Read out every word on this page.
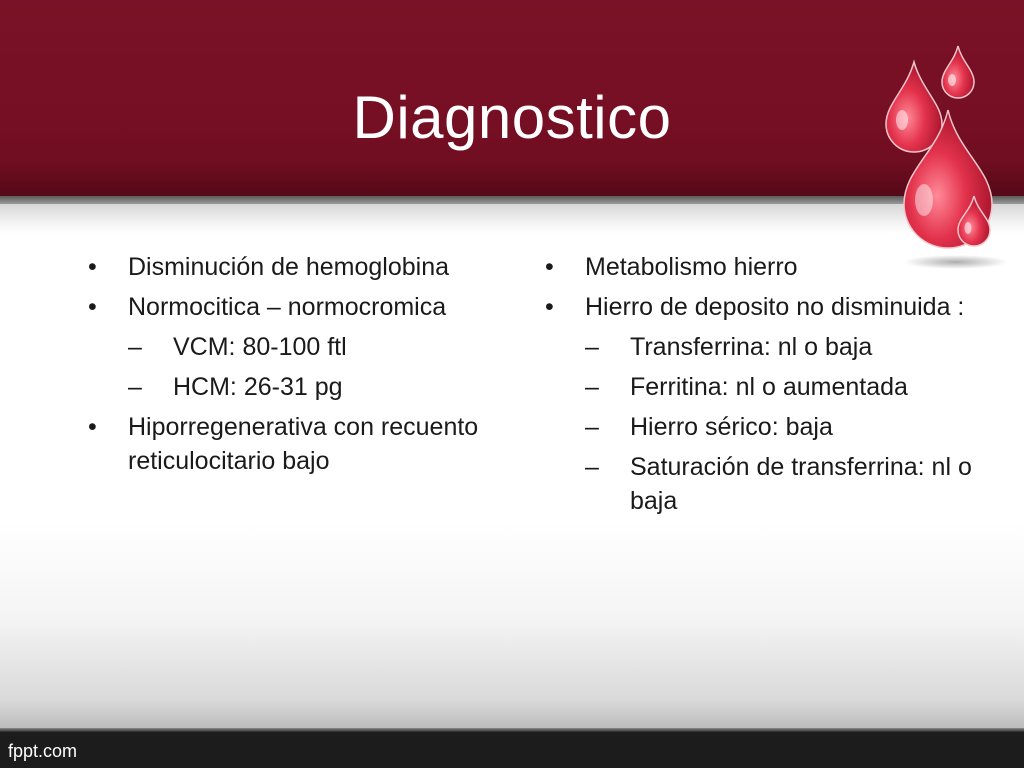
Diagnostico
• Disminución de hemoglobina
• Normocitica – normocromica
– VCM: 80-100 ftl
– HCM: 26-31 pg
• Hiporregenerativa con recuento reticulocitario bajo
• Metabolismo hierro
• Hierro de deposito no disminuida :
– Transferrina: nl o baja
– Ferritina: nl o aumentada
– Hierro sérico: baja
– Saturación de transferrina: nl o baja
fppt.com
